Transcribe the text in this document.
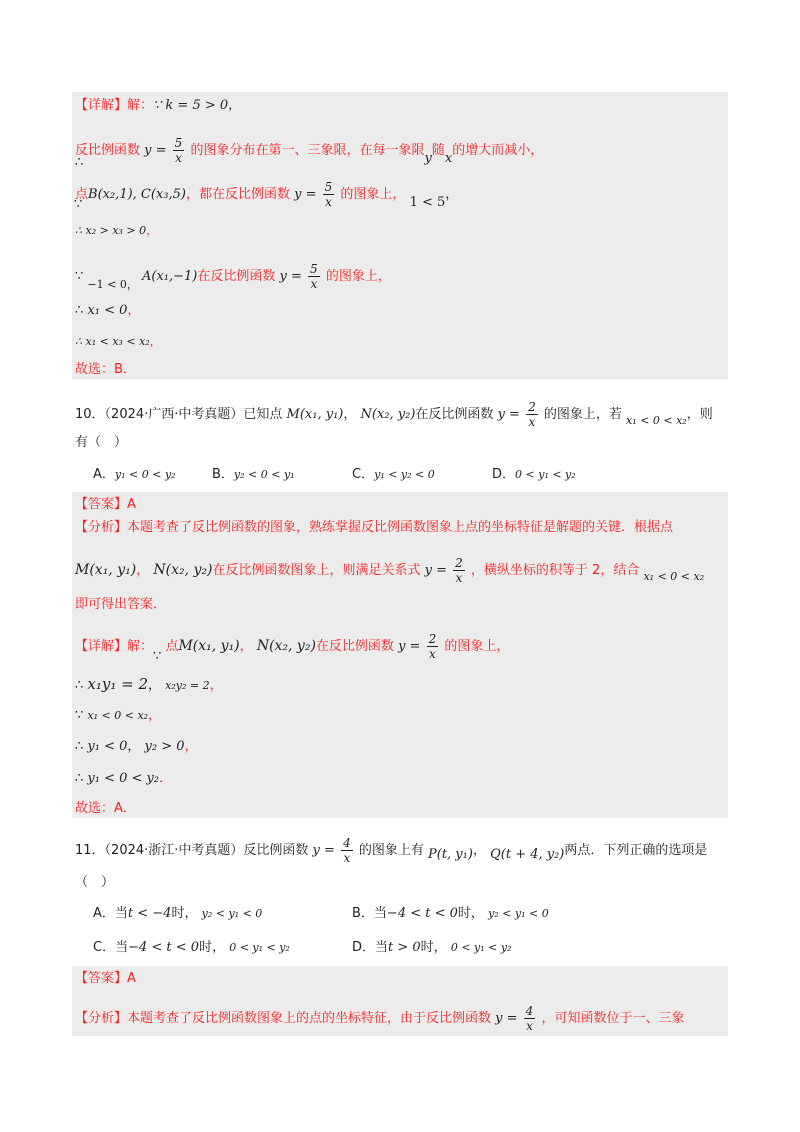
【详解】解：∵ k = 5 > 0，
反比例函数 $y = \frac{5}{x}$ 的图象分布在第一、三象限，在每一象限y随x的增大而减小，
∴
点B(x₂,1), C(x₃,5)，都在反比例函数 $y = \frac{5}{x}$ 的图象上， 1 < 5，
∵
∴ x₂ > x₃ > 0，
∵ $_{-1 < 0,}$ A(x₁,−1)在反比例函数 $y = \frac{5}{x}$ 的图象上，
∴ x₁ < 0，
∴ x₁ < x₃ < x₂，
故选：B．
10．（2024·广西·中考真题）已知点 M(x₁, y₁)， N(x₂, y₂)在反比例函数 $y = \frac{2}{x}$ 的图象上，若 $_{x_1 < 0 < x_2}$，则
有（　）
A．y₁ < 0 < y₂	B．y₂ < 0 < y₁	C．y₁ < y₂ < 0	D．0 < y₁ < y₂
【答案】A
【分析】本题考查了反比例函数的图象，熟练掌握反比例函数图象上点的坐标特征是解题的关键．根据点
M(x₁, y₁)， N(x₂, y₂)在反比例函数图象上，则满足关系式 $y = \frac{2}{x}$ ，横纵坐标的积等于 2，结合 $_{x_1 < 0 < x_2}$
即可得出答案．
【详解】解：∵ 点M(x₁, y₁)， N(x₂, y₂)在反比例函数 $y = \frac{2}{x}$ 的图象上，
∴ x₁y₁ = 2， x₂y₂ = 2，
∵ x₁ < 0 < x₂，
∴ y₁ < 0， y₂ > 0，
∴ y₁ < 0 < y₂．
故选：A．
11．（2024·浙江·中考真题）反比例函数 $y = \frac{4}{x}$ 的图象上有 P(t, y₁)， Q(t + 4, y₂)两点．下列正确的选项是
（　）
A．当t < −4时， y₂ < y₁ < 0	B．当−4 < t < 0时， y₂ < y₁ < 0
C．当−4 < t < 0时， 0 < y₁ < y₂	D．当t > 0时， 0 < y₁ < y₂
【答案】A
【分析】本题考查了反比例函数图象上的点的坐标特征，由于反比例函数 $y = \frac{4}{x}$ ，可知函数位于一、三象
